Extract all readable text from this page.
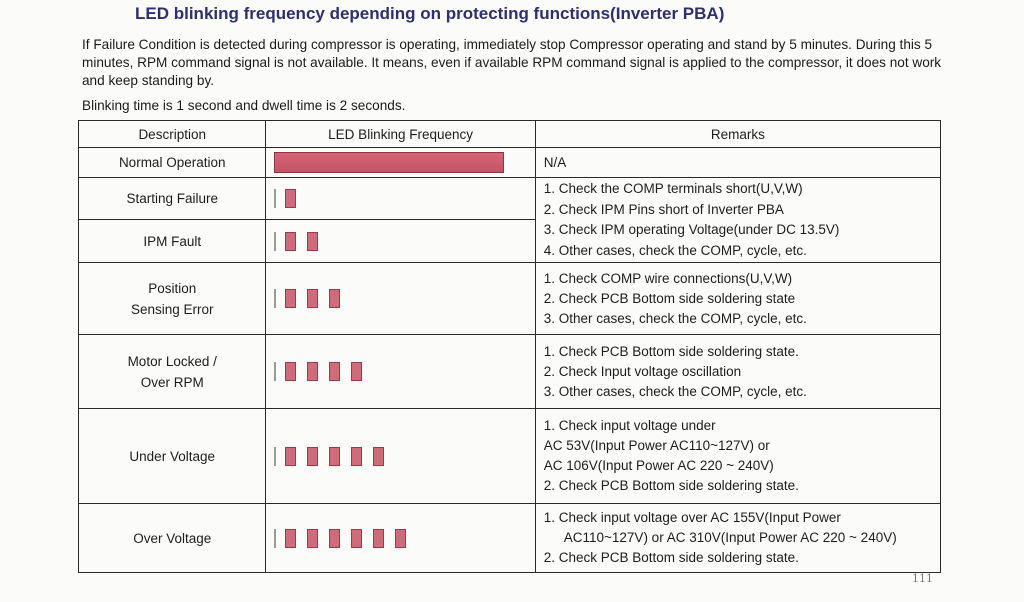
LED blinking frequency depending on protecting functions(Inverter PBA)
If Failure Condition is detected during compressor is operating, immediately stop Compressor operating and stand by 5 minutes. During this 5 minutes, RPM command signal is not available. It means, even if available RPM command signal is applied to the compressor, it does not work and keep standing by.
Blinking time is 1 second and dwell time is 2 seconds.
Description	LED Blinking Frequency	Remarks

Normal Operation		N/A

Starting Failure		1. Check the COMP terminals short(U,V,W)
2. Check IPM Pins short of Inverter PBA
3. Check IPM operating Voltage(under DC 13.5V)
4. Other cases, check the COMP, cycle, etc.

IPM Fault		

Position
Sensing Error		1. Check COMP wire connections(U,V,W)
2. Check PCB Bottom side soldering state
3. Other cases, check the COMP, cycle, etc.

Motor Locked /
Over RPM		1. Check PCB Bottom side soldering state.
2. Check Input voltage oscillation
3. Other cases, check the COMP, cycle, etc.

Under Voltage		1. Check input voltage under
AC 53V(Input Power AC110~127V) or
AC 106V(Input Power AC 220 ~ 240V)
2. Check PCB Bottom side soldering state.

Over Voltage		1. Check input voltage over AC 155V(Input Power
AC110~127V) or AC 310V(Input Power AC 220 ~ 240V)
2. Check PCB Bottom side soldering state.
111
